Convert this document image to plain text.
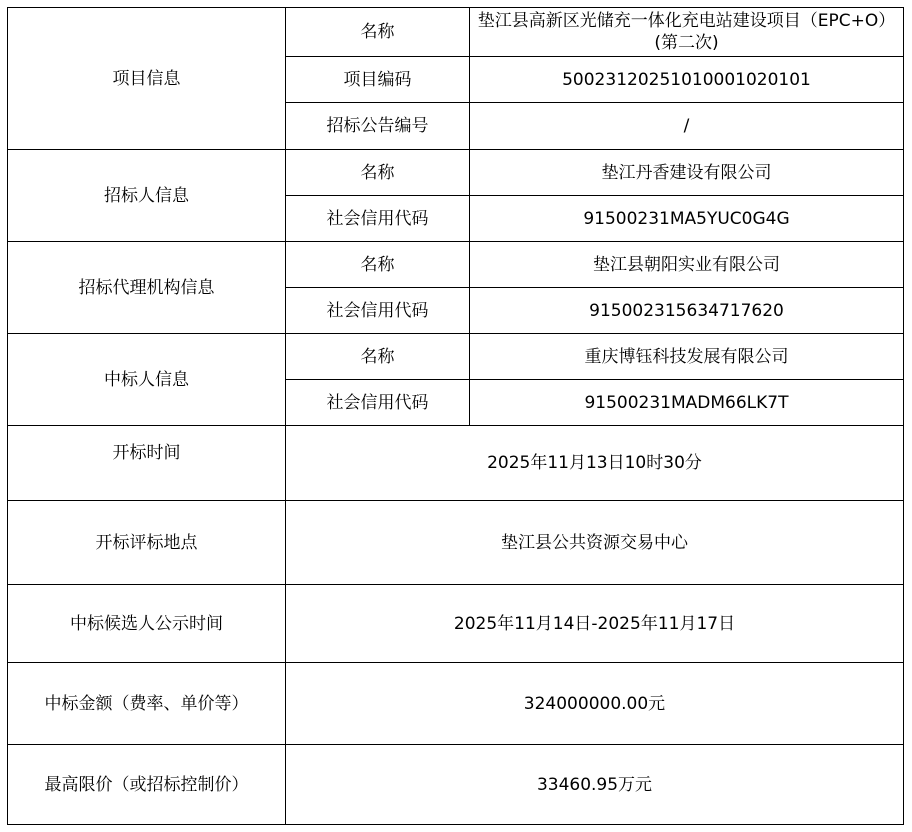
项目信息	名称	垫江县高新区光储充一体化充电站建设项目（EPC+O）(第二次)
	项目编码	500231202510100010201​01
	招标公告编号	/
招标人信息	名称	垫江丹香建设有限公司
	社会信用代码	91500231MA5YUC0G4G
招标代理机构信息	名称	垫江县朝阳实业有限公司
	社会信用代码	915002315634717620
中标人信息	名称	重庆博钰科技发展有限公司
	社会信用代码	91500231MADM66LK7T
开标时间	2025年11月13日10时30分	
开标评标地点	垫江县公共资源交易中心	
中标候选人公示时间	2025年11月14日-2025年11月17日	
中标金额（费率、单价等）	324000000.00元	
最高限价（或招标控制价）	33460.95万元	
